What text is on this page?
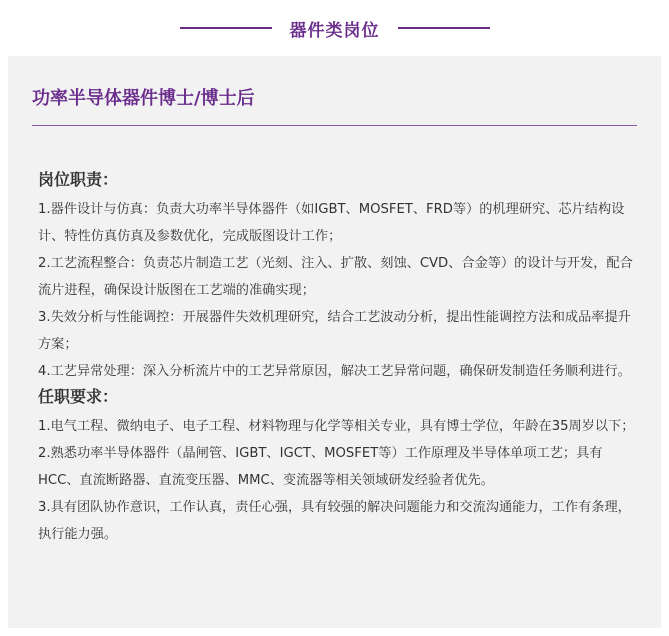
器件类岗位
功率半导体器件博士/博士后
岗位职责：
1.器件设计与仿真：负责大功率半导体器件（如IGBT、MOSFET、FRD等）的机理研究、芯片结构设计、特性仿真仿真及参数优化，完成版图设计工作；
2.工艺流程整合：负责芯片制造工艺（光刻、注入、扩散、刻蚀、CVD、合金等）的设计与开发，配合流片进程，确保设计版图在工艺端的准确实现；
3.失效分析与性能调控：开展器件失效机理研究，结合工艺波动分析，提出性能调控方法和成品率提升方案；
4.工艺异常处理：深入分析流片中的工艺异常原因，解决工艺异常问题，确保研发制造任务顺利进行。
任职要求：
1.电气工程、微纳电子、电子工程、材料物理与化学等相关专业，具有博士学位，年龄在35周岁以下；
2.熟悉功率半导体器件（晶闸管、IGBT、IGCT、MOSFET等）工作原理及半导体单项工艺；具有HCC、直流断路器、直流变压器、MMC、变流器等相关领域研发经验者优先。
3.具有团队协作意识，工作认真，责任心强，具有较强的解决问题能力和交流沟通能力，工作有条理，执行能力强。
